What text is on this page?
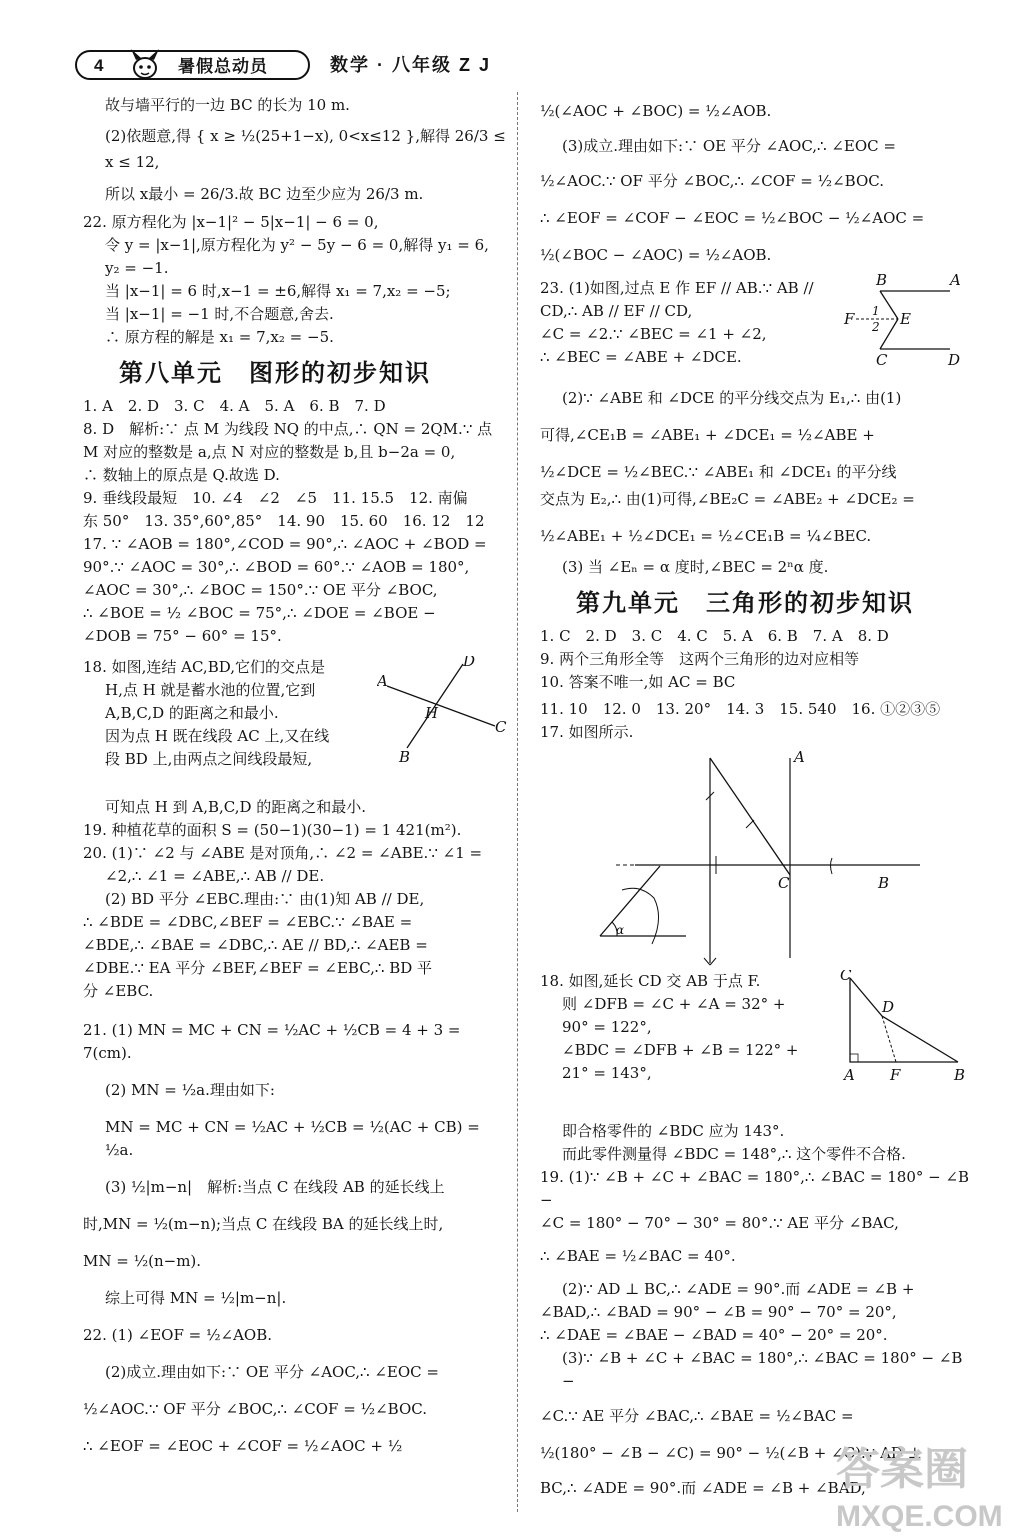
4	暑假总动员	数学 · 八年级 Z J

故与墙平行的一边 BC 的长为 10 m.

(2)依题意,得 { x ≥ ½(25+1−x), 0<x≤12 },解得 26/3 ≤ x ≤ 12,

所以 x最小 = 26/3.故 BC 边至少应为 26/3 m.

22. 原方程化为 |x−1|² − 5|x−1| − 6 = 0,

令 y = |x−1|,原方程化为 y² − 5y − 6 = 0,解得 y₁ = 6,

y₂ = −1.

当 |x−1| = 6 时,x−1 = ±6,解得 x₁ = 7,x₂ = −5;

当 |x−1| = −1 时,不合题意,舍去.

∴ 原方程的解是 x₁ = 7,x₂ = −5.

第八单元　图形的初步知识

1. A　2. D　3. C　4. A　5. A　6. B　7. D

8. D　解析:∵ 点 M 为线段 NQ 的中点,∴ QN = 2QM.∵ 点

M 对应的整数是 a,点 N 对应的整数是 b,且 b−2a = 0,

∴ 数轴上的原点是 Q.故选 D.

9. 垂线段最短　10. ∠4　∠2　∠5　11. 15.5　12. 南偏

东 50°　13. 35°,60°,85°　14. 90　15. 60　16. 12　12

17. ∵ ∠AOB = 180°,∠COD = 90°,∴ ∠AOC + ∠BOD =

90°.∵ ∠AOC = 30°,∴ ∠BOD = 60°.∵ ∠AOB = 180°,

∠AOC = 30°,∴ ∠BOC = 150°.∵ OE 平分 ∠BOC,

∴ ∠BOE = ½ ∠BOC = 75°,∴ ∠DOE = ∠BOE −

∠DOB = 75° − 60° = 15°.

18. 如图,连结 AC,BD,它们的交点是

H,点 H 就是蓄水池的位置,它到

A,B,C,D 的距离之和最小.

因为点 H 既在线段 AC 上,又在线

段 BD 上,由两点之间线段最短,

A
D
H
B
C

可知点 H 到 A,B,C,D 的距离之和最小.

19. 种植花草的面积 S = (50−1)(30−1) = 1 421(m²).

20. (1)∵ ∠2 与 ∠ABE 是对顶角,∴ ∠2 = ∠ABE.∵ ∠1 =

∠2,∴ ∠1 = ∠ABE,∴ AB // DE.

(2) BD 平分 ∠EBC.理由:∵ 由(1)知 AB // DE,

∴ ∠BDE = ∠DBC,∠BEF = ∠EBC.∵ ∠BAE =

∠BDE,∴ ∠BAE = ∠DBC,∴ AE // BD,∴ ∠AEB =

∠DBE.∵ EA 平分 ∠BEF,∠BEF = ∠EBC,∴ BD 平

分 ∠EBC.

21. (1) MN = MC + CN = ½AC + ½CB = 4 + 3 = 7(cm).

(2) MN = ½a.理由如下:

MN = MC + CN = ½AC + ½CB = ½(AC + CB) = ½a.

(3) ½|m−n|　解析:当点 C 在线段 AB 的延长线上

时,MN = ½(m−n);当点 C 在线段 BA 的延长线上时,

MN = ½(n−m).

综上可得 MN = ½|m−n|.

22. (1) ∠EOF = ½∠AOB.

(2)成立.理由如下:∵ OE 平分 ∠AOC,∴ ∠EOC =

½∠AOC.∵ OF 平分 ∠BOC,∴ ∠COF = ½∠BOC.

∴ ∠EOF = ∠EOC + ∠COF = ½∠AOC + ½

½(∠AOC + ∠BOC) = ½∠AOB.

(3)成立.理由如下:∵ OE 平分 ∠AOC,∴ ∠EOC =

½∠AOC.∵ OF 平分 ∠BOC,∴ ∠COF = ½∠BOC.

∴ ∠EOF = ∠COF − ∠EOC = ½∠BOC − ½∠AOC =

½(∠BOC − ∠AOC) = ½∠AOB.

23. (1)如图,过点 E 作 EF // AB.∵ AB //

CD,∴ AB // EF // CD,

∠C = ∠2.∵ ∠BEC = ∠1 + ∠2,

∴ ∠BEC = ∠ABE + ∠DCE.

B	A
F 1
2 E
C	D

(2)∵ ∠ABE 和 ∠DCE 的平分线交点为 E₁,∴ 由(1)

可得,∠CE₁B = ∠ABE₁ + ∠DCE₁ = ½∠ABE +

½∠DCE = ½∠BEC.∵ ∠ABE₁ 和 ∠DCE₁ 的平分线

交点为 E₂,∴ 由(1)可得,∠BE₂C = ∠ABE₂ + ∠DCE₂ =

½∠ABE₁ + ½∠DCE₁ = ½∠CE₁B = ¼∠BEC.

(3) 当 ∠Eₙ = α 度时,∠BEC = 2ⁿα 度.

第九单元　三角形的初步知识

1. C　2. D　3. C　4. C　5. A　6. B　7. A　8. D

9. 两个三角形全等　这两个三角形的边对应相等

10. 答案不唯一,如 AC = BC

11. 10　12. 0　13. 20°　14. 3　15. 540　16. ①②③⑤

17. 如图所示.

A
C	B
α

18. 如图,延长 CD 交 AB 于点 F.

则 ∠DFB = ∠C + ∠A = 32° +

90° = 122°,

∠BDC = ∠DFB + ∠B = 122° +

21° = 143°,

C
D
A F	B

即合格零件的 ∠BDC 应为 143°.

而此零件测量得 ∠BDC = 148°,∴ 这个零件不合格.

19. (1)∵ ∠B + ∠C + ∠BAC = 180°,∴ ∠BAC = 180° − ∠B −

∠C = 180° − 70° − 30° = 80°.∵ AE 平分 ∠BAC,

∴ ∠BAE = ½∠BAC = 40°.

(2)∵ AD ⊥ BC,∴ ∠ADE = 90°.而 ∠ADE = ∠B +

∠BAD,∴ ∠BAD = 90° − ∠B = 90° − 70° = 20°,

∴ ∠DAE = ∠BAE − ∠BAD = 40° − 20° = 20°.

(3)∵ ∠B + ∠C + ∠BAC = 180°,∴ ∠BAC = 180° − ∠B −

∠C.∵ AE 平分 ∠BAC,∴ ∠BAE = ½∠BAC =

½(180° − ∠B − ∠C) = 90° − ½(∠B + ∠C).∵ AD ⊥

BC,∴ ∠ADE = 90°.而 ∠ADE = ∠B + ∠BAD,

答案圈
MXQE.COM
